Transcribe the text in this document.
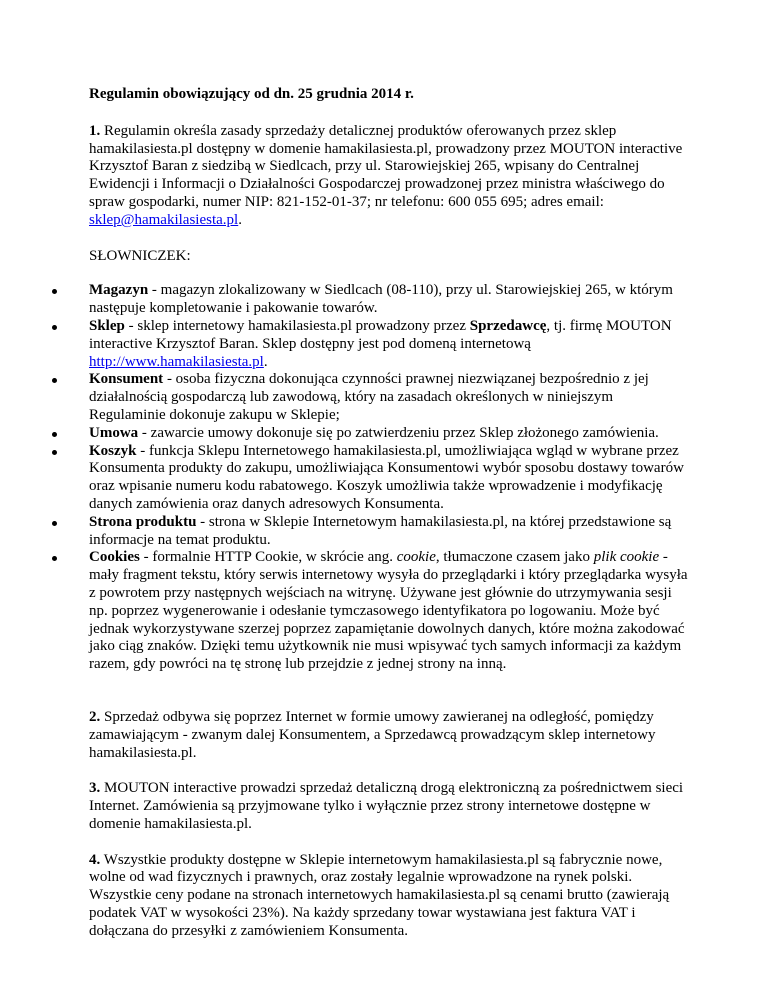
Regulamin obowiązujący od dn. 25 grudnia 2014 r.

1. Regulamin określa zasady sprzedaży detalicznej produktów oferowanych przez sklep hamakilasiesta.pl dostępny w domenie hamakilasiesta.pl, prowadzony przez MOUTON interactive Krzysztof Baran z siedzibą w Siedlcach, przy ul. Starowiejskiej 265, wpisany do Centralnej Ewidencji i Informacji o Działalności Gospodarczej prowadzonej przez ministra właściwego do spraw gospodarki, numer NIP: 821-152-01-37; nr telefonu: 600 055 695; adres email: sklep@hamakilasiesta.pl.

SŁOWNICZEK:

Magazyn - magazyn zlokalizowany w Siedlcach (08-110), przy ul. Starowiejskiej 265, w którym następuje kompletowanie i pakowanie towarów.
Sklep - sklep internetowy hamakilasiesta.pl prowadzony przez Sprzedawcę, tj. firmę MOUTON interactive Krzysztof Baran. Sklep dostępny jest pod domeną internetową http://www.hamakilasiesta.pl.
Konsument - osoba fizyczna dokonująca czynności prawnej niezwiązanej bezpośrednio z jej działalnością gospodarczą lub zawodową, który na zasadach określonych w niniejszym Regulaminie dokonuje zakupu w Sklepie;
Umowa - zawarcie umowy dokonuje się po zatwierdzeniu przez Sklep złożonego zamówienia.
Koszyk - funkcja Sklepu Internetowego hamakilasiesta.pl, umożliwiająca wgląd w wybrane przez Konsumenta produkty do zakupu, umożliwiająca Konsumentowi wybór sposobu dostawy towarów oraz wpisanie numeru kodu rabatowego. Koszyk umożliwia także wprowadzenie i modyfikację danych zamówienia oraz danych adresowych Konsumenta.
Strona produktu - strona w Sklepie Internetowym hamakilasiesta.pl, na której przedstawione są informacje na temat produktu.
Cookies - formalnie HTTP Cookie, w skrócie ang. cookie, tłumaczone czasem jako plik cookie - mały fragment tekstu, który serwis internetowy wysyła do przeglądarki i który przeglądarka wysyła z powrotem przy następnych wejściach na witrynę. Używane jest głównie do utrzymywania sesji np. poprzez wygenerowanie i odesłanie tymczasowego identyfikatora po logowaniu. Może być jednak wykorzystywane szerzej poprzez zapamiętanie dowolnych danych, które można zakodować jako ciąg znaków. Dzięki temu użytkownik nie musi wpisywać tych samych informacji za każdym razem, gdy powróci na tę stronę lub przejdzie z jednej strony na inną.

2. Sprzedaż odbywa się poprzez Internet w formie umowy zawieranej na odległość, pomiędzy zamawiającym - zwanym dalej Konsumentem, a Sprzedawcą prowadzącym sklep internetowy hamakilasiesta.pl.

3. MOUTON interactive prowadzi sprzedaż detaliczną drogą elektroniczną za pośrednictwem sieci Internet. Zamówienia są przyjmowane tylko i wyłącznie przez strony internetowe dostępne w domenie hamakilasiesta.pl.

4. Wszystkie produkty dostępne w Sklepie internetowym hamakilasiesta.pl są fabrycznie nowe, wolne od wad fizycznych i prawnych, oraz zostały legalnie wprowadzone na rynek polski. Wszystkie ceny podane na stronach internetowych hamakilasiesta.pl są cenami brutto (zawierają podatek VAT w wysokości 23%). Na każdy sprzedany towar wystawiana jest faktura VAT i dołączana do przesyłki z zamówieniem Konsumenta.
